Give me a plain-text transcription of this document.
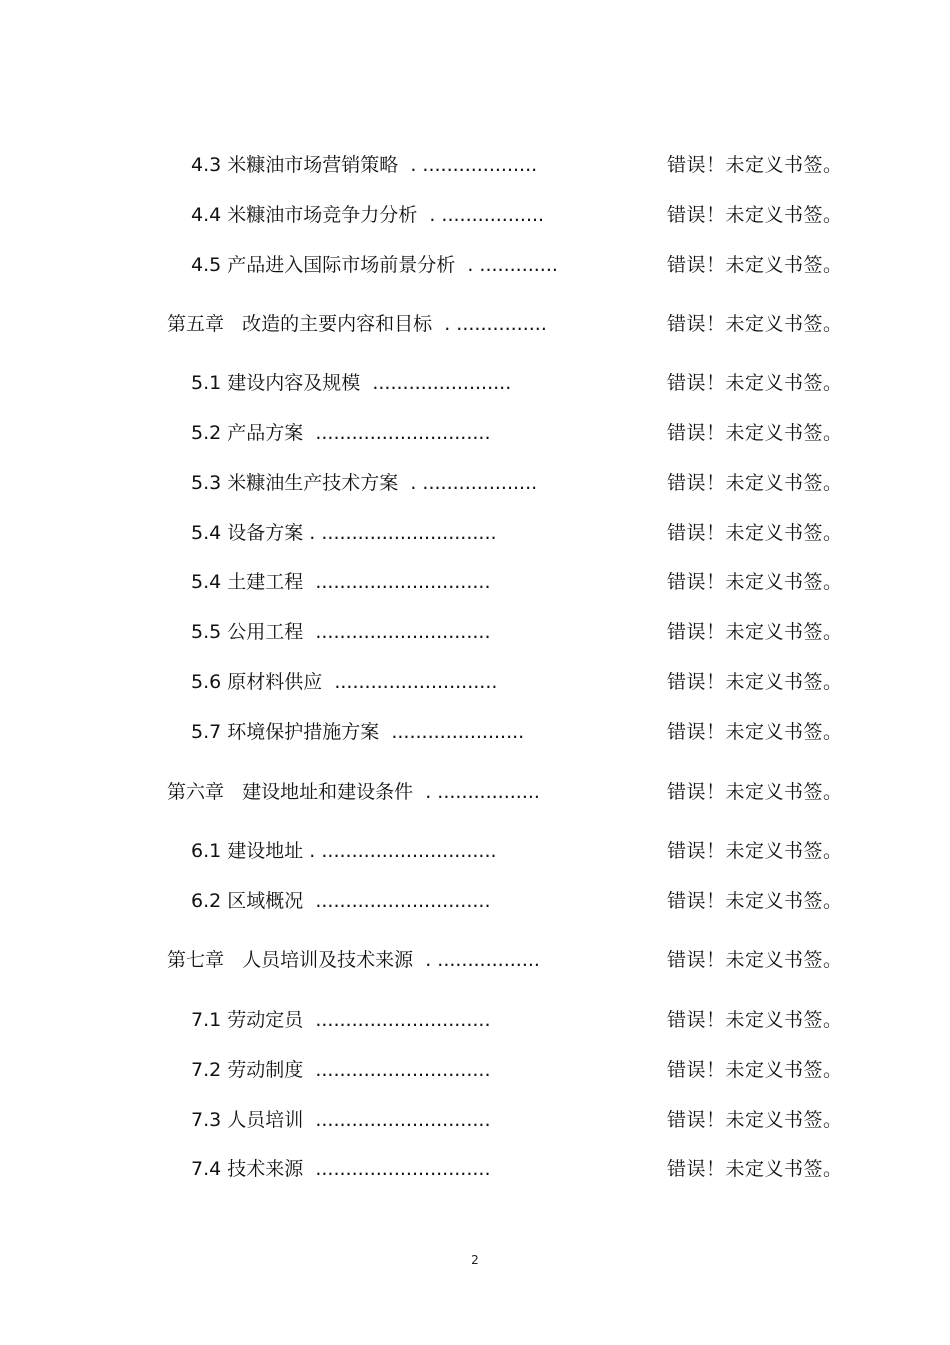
4.3 米糠油市场营销策略  . ...................	错误！未定义书签。
4.4 米糠油市场竞争力分析  . .................	错误！未定义书签。
4.5 产品进入国际市场前景分析  . .............	错误！未定义书签。
第五章   改造的主要内容和目标  . ...............	错误！未定义书签。
5.1 建设内容及规模  .......................	错误！未定义书签。
5.2 产品方案  .............................	错误！未定义书签。
5.3 米糠油生产技术方案  . ...................	错误！未定义书签。
5.4 设备方案 . .............................	错误！未定义书签。
5.4 土建工程  .............................	错误！未定义书签。
5.5 公用工程  .............................	错误！未定义书签。
5.6 原材料供应  ...........................	错误！未定义书签。
5.7 环境保护措施方案  ......................	错误！未定义书签。
第六章   建设地址和建设条件  . .................	错误！未定义书签。
6.1 建设地址 . .............................	错误！未定义书签。
6.2 区域概况  .............................	错误！未定义书签。
第七章   人员培训及技术来源  . .................	错误！未定义书签。
7.1 劳动定员  .............................	错误！未定义书签。
7.2 劳动制度  .............................	错误！未定义书签。
7.3 人员培训  .............................	错误！未定义书签。
7.4 技术来源  .............................	错误！未定义书签。
2
